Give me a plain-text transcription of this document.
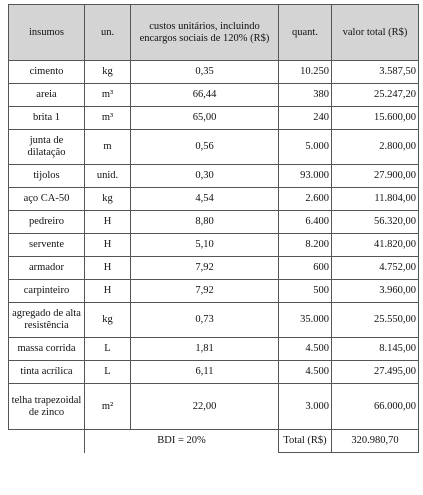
insumos	un.	custos unitários, incluindo encargos sociais de 120% (R$)	quant.	valor total (R$)
cimento	kg	0,35	10.250	3.587,50
areia	m³	66,44	380	25.247,20
brita 1	m³	65,00	240	15.600,00
junta de dilatação	m	0,56	5.000	2.800,00
tijolos	unid.	0,30	93.000	27.900,00
aço CA-50	kg	4,54	2.600	11.804,00
pedreiro	H	8,80	6.400	56.320,00
servente	H	5,10	8.200	41.820,00
armador	H	7,92	600	4.752,00
carpinteiro	H	7,92	500	3.960,00
agregado de alta resistência	kg	0,73	35.000	25.550,00
massa corrida	L	1,81	4.500	8.145,00
tinta acrílica	L	6,11	4.500	27.495,00
telha trapezoidal de zinco	m²	22,00	3.000	66.000,00
	BDI = 20%		Total (R$)	320.980,70
